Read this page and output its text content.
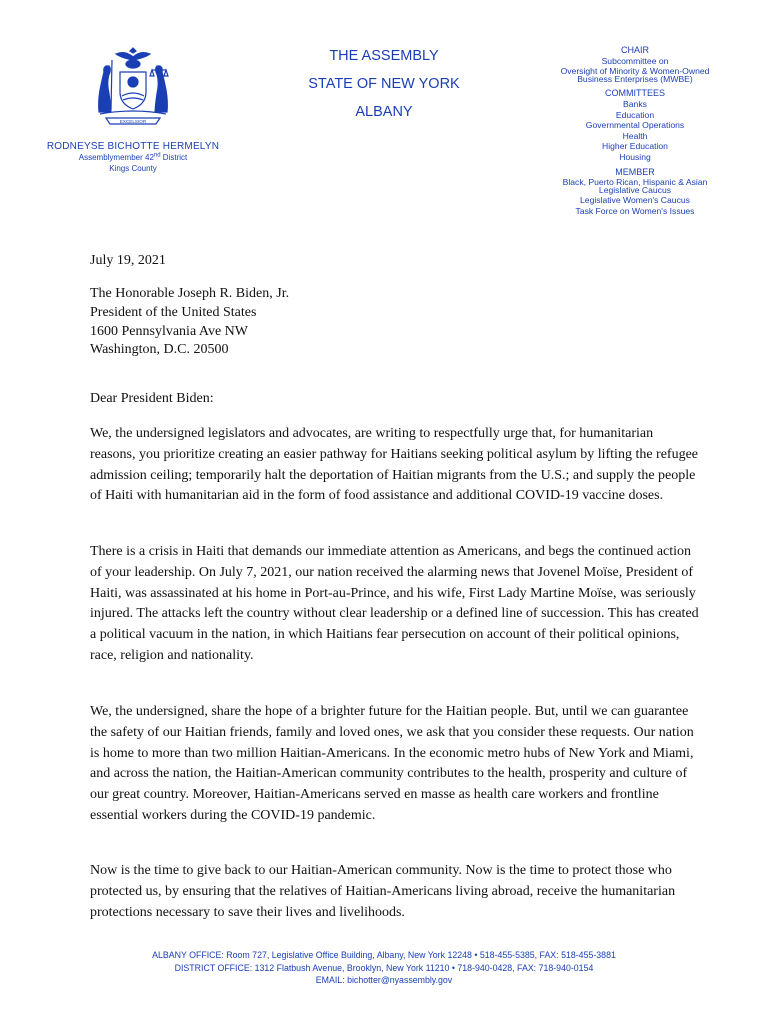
EXCELSIOR
RODNEYSE BICHOTTE HERMELYN
Assemblymember 42nd District
Kings County
THE ASSEMBLY
STATE OF NEW YORK
ALBANY
CHAIR
Subcommittee on
Oversight of Minority & Women-Owned
Business Enterprises (MWBE)
COMMITTEES
Banks
Education
Governmental Operations
Health
Higher Education
Housing
MEMBER
Black, Puerto Rican, Hispanic & Asian
Legislative Caucus
Legislative Women's Caucus
Task Force on Women's Issues

July 19, 2021

The Honorable Joseph R. Biden, Jr.

President of the United States

1600 Pennsylvania Ave NW

Washington, D.C. 20500

Dear President Biden:

We, the undersigned legislators and advocates, are writing to respectfully urge that, for humanitarian reasons, you prioritize creating an easier pathway for Haitians seeking political asylum by lifting the refugee admission ceiling; temporarily halt the deportation of Haitian migrants from the U.S.; and supply the people of Haiti with humanitarian aid in the form of food assistance and additional COVID-19 vaccine doses.

There is a crisis in Haiti that demands our immediate attention as Americans, and begs the continued action of your leadership. On July 7, 2021, our nation received the alarming news that Jovenel Moïse, President of Haiti, was assassinated at his home in Port-au-Prince, and his wife, First Lady Martine Moïse, was seriously injured. The attacks left the country without clear leadership or a defined line of succession. This has created a political vacuum in the nation, in which Haitians fear persecution on account of their political opinions, race, religion and nationality.

We, the undersigned, share the hope of a brighter future for the Haitian people. But, until we can guarantee the safety of our Haitian friends, family and loved ones, we ask that you consider these requests. Our nation is home to more than two million Haitian-Americans. In the economic metro hubs of New York and Miami, and across the nation, the Haitian-American community contributes to the health, prosperity and culture of our great country. Moreover, Haitian-Americans served en masse as health care workers and frontline essential workers during the COVID-19 pandemic.

Now is the time to give back to our Haitian-American community. Now is the time to protect those who protected us, by ensuring that the relatives of Haitian-Americans living abroad, receive the humanitarian protections necessary to save their lives and livelihoods.

ALBANY OFFICE: Room 727, Legislative Office Building, Albany, New York 12248 • 518-455-5385, FAX: 518-455-3881
DISTRICT OFFICE: 1312 Flatbush Avenue, Brooklyn, New York 11210 • 718-940-0428, FAX: 718-940-0154
EMAIL: bichotter@nyassembly.gov
